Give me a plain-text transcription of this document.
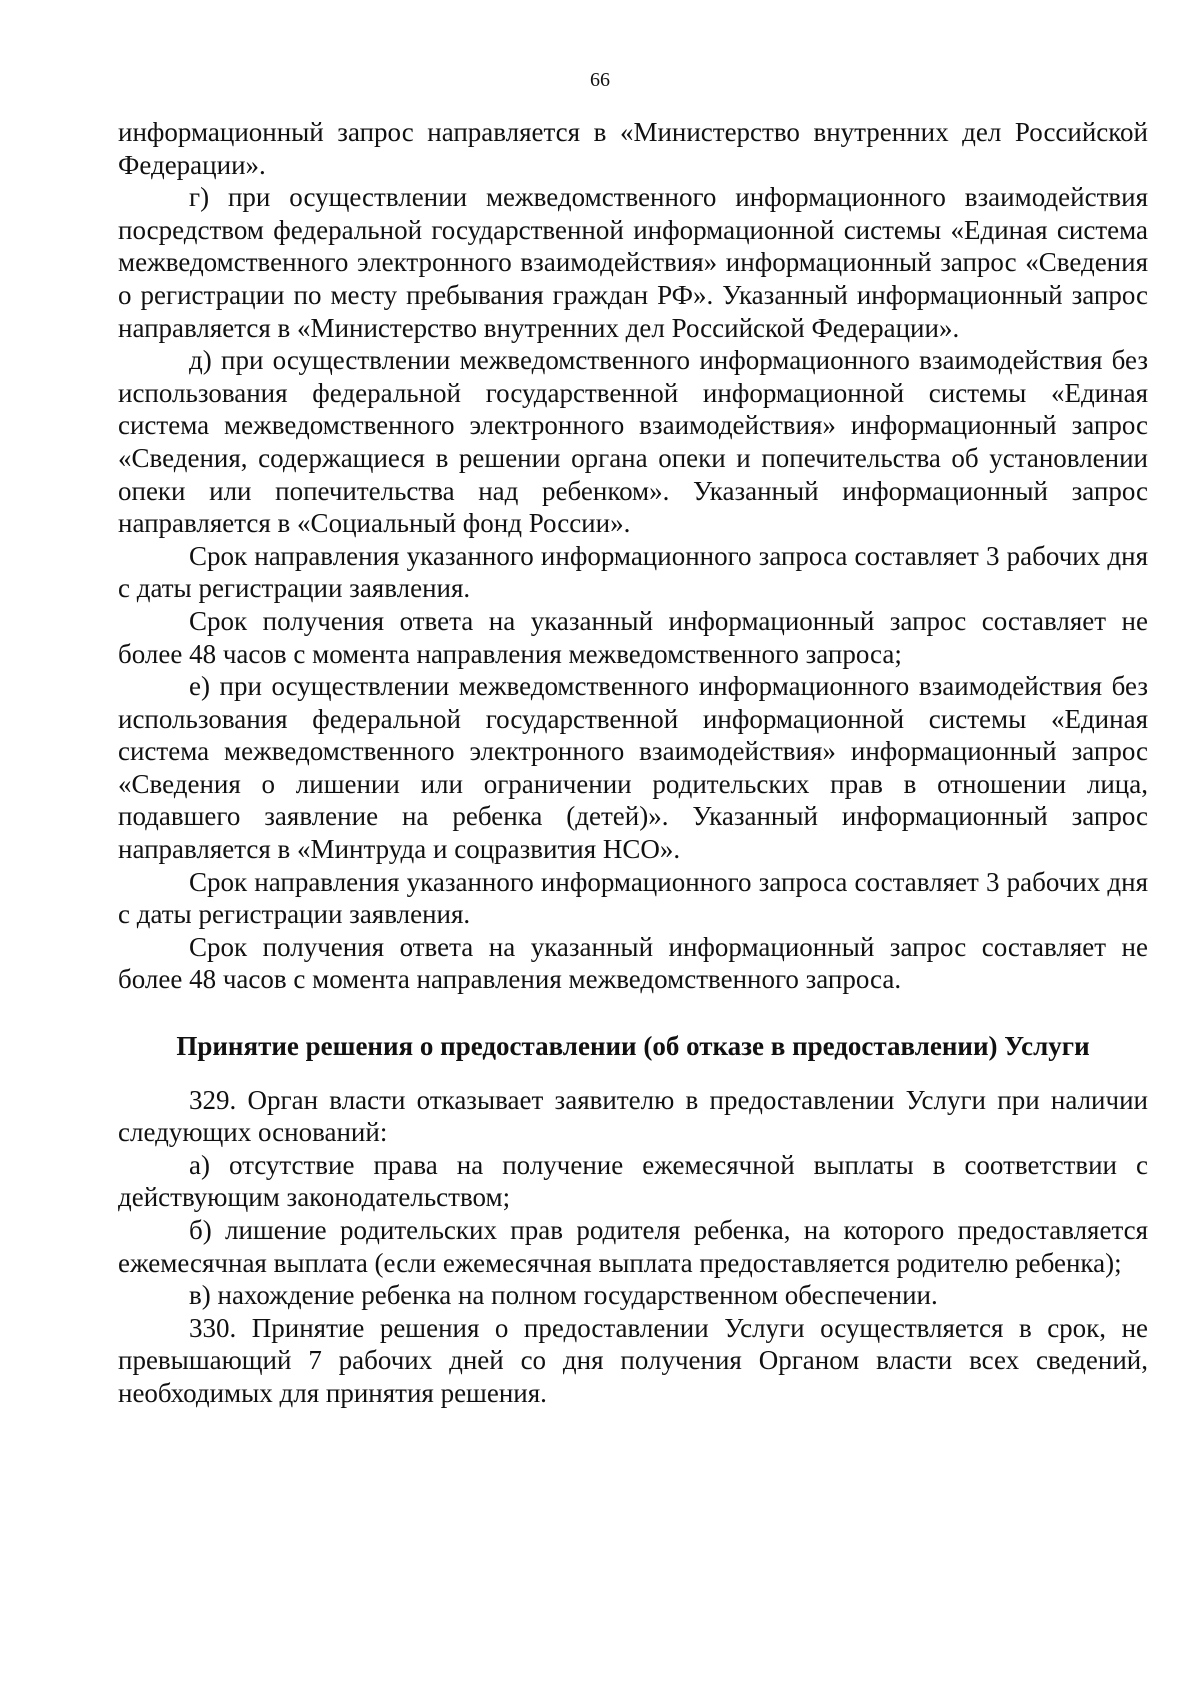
66

информационный запрос направляется в «Министерство внутренних дел Российской Федерации».

г) при осуществлении межведомственного информационного взаимодействия посредством федеральной государственной информационной системы «Единая система межведомственного электронного взаимодействия» информационный запрос «Сведения о регистрации по месту пребывания граждан РФ». Указанный информационный запрос направляется в «Министерство внутренних дел Российской Федерации».

д) при осуществлении межведомственного информационного взаимодействия без использования федеральной государственной информационной системы «Единая система межведомственного электронного взаимодействия» информационный запрос «Сведения, содержащиеся в решении органа опеки и попечительства об установлении опеки или попечительства над ребенком». Указанный информационный запрос направляется в «Социальный фонд России».

Срок направления указанного информационного запроса составляет 3 рабочих дня с даты регистрации заявления.

Срок получения ответа на указанный информационный запрос составляет не более 48 часов с момента направления межведомственного запроса;

е) при осуществлении межведомственного информационного взаимодействия без использования федеральной государственной информационной системы «Единая система межведомственного электронного взаимодействия» информационный запрос «Сведения о лишении или ограничении родительских прав в отношении лица, подавшего заявление на ребенка (детей)». Указанный информационный запрос направляется в «Минтруда и соцразвития НСО».

Срок направления указанного информационного запроса составляет 3 рабочих дня с даты регистрации заявления.

Срок получения ответа на указанный информационный запрос составляет не более 48 часов с момента направления межведомственного запроса.

Принятие решения о предоставлении (об отказе в предоставлении) Услуги

329. Орган власти отказывает заявителю в предоставлении Услуги при наличии следующих оснований:

а) отсутствие права на получение ежемесячной выплаты в соответствии с действующим законодательством;

б) лишение родительских прав родителя ребенка, на которого предоставляется ежемесячная выплата (если ежемесячная выплата предоставляется родителю ребенка);

в) нахождение ребенка на полном государственном обеспечении.

330. Принятие решения о предоставлении Услуги осуществляется в срок, не превышающий 7 рабочих дней со дня получения Органом власти всех сведений, необходимых для принятия решения.
